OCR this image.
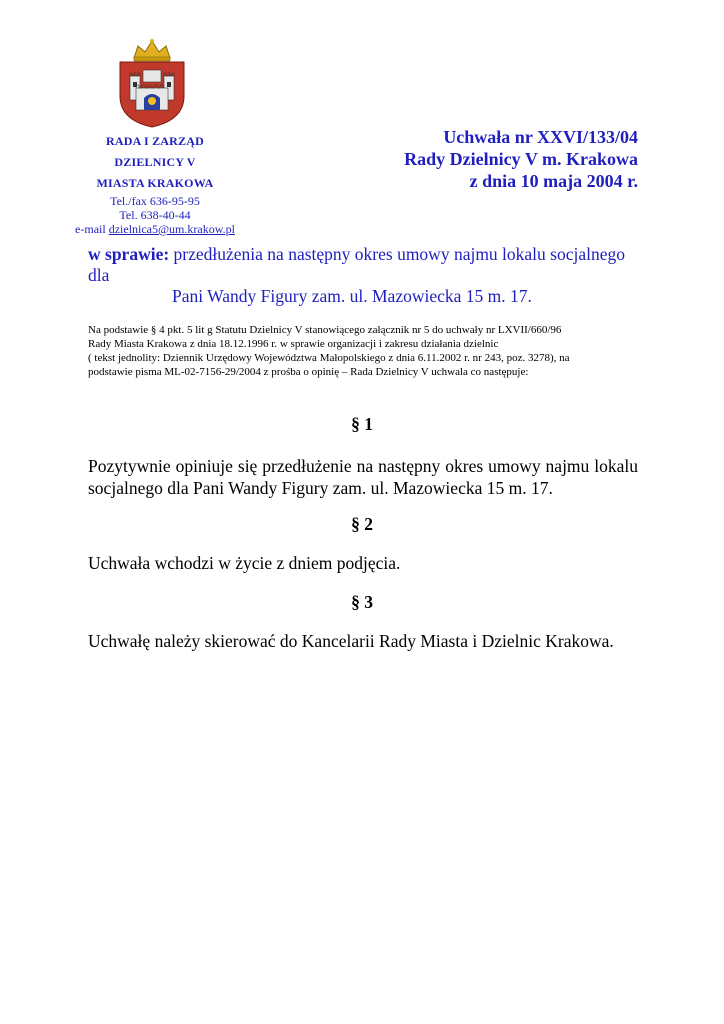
RADA I ZARZĄD
DZIELNICY V
MIASTA KRAKOWA
Tel./fax 636-95-95
Tel. 638-40-44
e-mail dzielnica5@um.krakow.pl
Uchwała nr XXVI/133/04
Rady Dzielnicy V m. Krakowa
z dnia 10 maja 2004 r.
w sprawie: przedłużenia na następny okres umowy najmu lokalu socjalnego dla
Pani Wandy Figury zam. ul. Mazowiecka 15 m. 17.
Na podstawie § 4 pkt. 5 lit g Statutu Dzielnicy V stanowiącego załącznik nr 5 do uchwały nr LXVII/660/96
Rady Miasta Krakowa z dnia 18.12.1996 r. w sprawie organizacji i zakresu działania dzielnic
( tekst jednolity: Dziennik Urzędowy Województwa Małopolskiego z dnia 6.11.2002 r. nr 243, poz. 3278), na
podstawie pisma ML-02-7156-29/2004 z prośba o opinię – Rada Dzielnicy V uchwala co następuje:
§ 1
Pozytywnie opiniuje się przedłużenie na następny okres umowy najmu lokalu socjalnego dla Pani Wandy Figury zam. ul. Mazowiecka 15 m. 17.
§ 2
Uchwała wchodzi w życie z dniem podjęcia.
§ 3
Uchwałę należy skierować do Kancelarii Rady Miasta i Dzielnic Krakowa.
